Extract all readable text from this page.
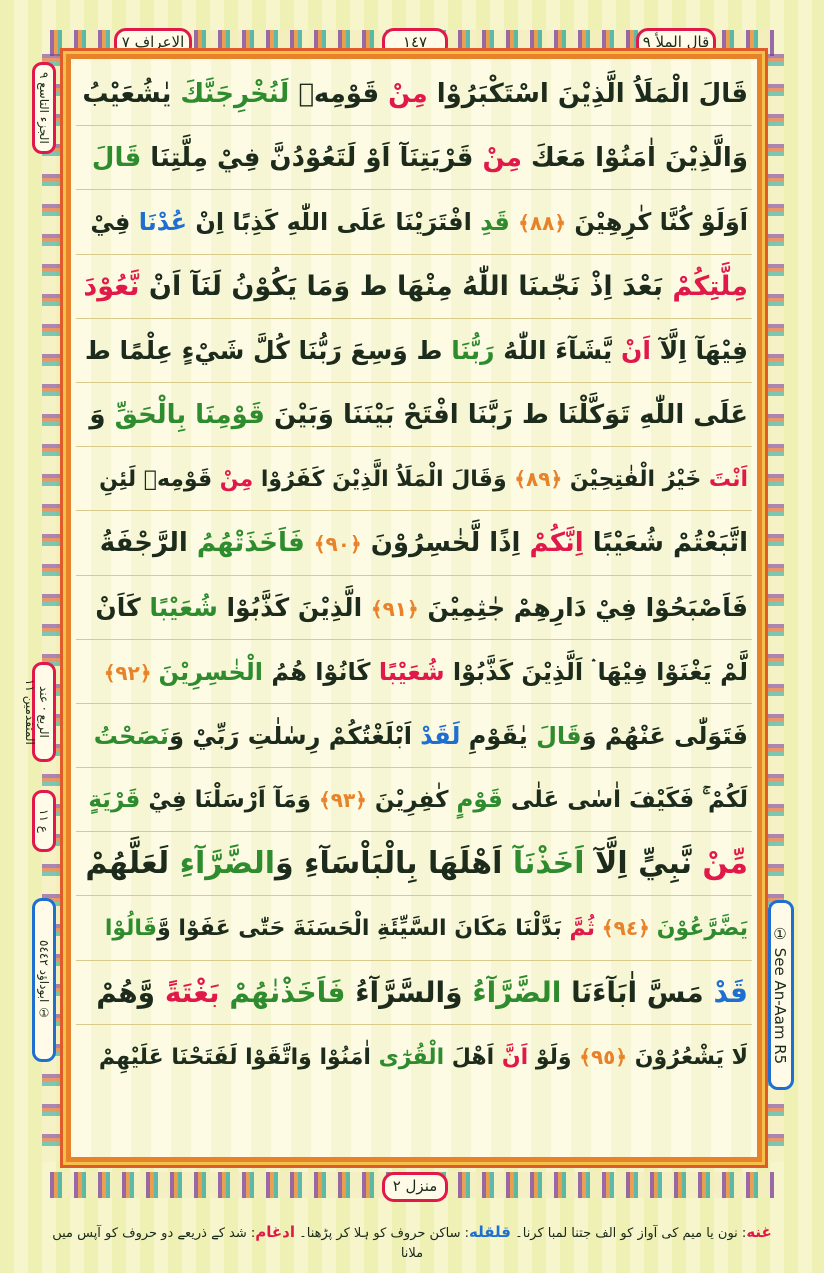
قال الملأ ٩
١٤٧
الاعراف ٧
الجزء التاسع ٩
الربع · عند المتقدمين ١١
ع ١١
① ابوداؤد ٥٤٤٢	① See An-Aam R5
قَالَ الْمَلَاُ الَّذِيْنَ اسْتَكْبَرُوْا مِنْ قَوْمِهٖ لَنُخْرِجَنَّكَ يٰشُعَيْبُ
وَالَّذِيْنَ اٰمَنُوْا مَعَكَ مِنْ قَرْيَتِنَآ اَوْ لَتَعُوْدُنَّ فِيْ مِلَّتِنَا قَالَ
اَوَلَوْ كُنَّا كٰرِهِيْنَ ﴿٨٨﴾ قَدِ افْتَرَيْنَا عَلَى اللّٰهِ كَذِبًا اِنْ عُدْنَا فِيْ
مِلَّتِكُمْ بَعْدَ اِذْ نَجّٰىنَا اللّٰهُ مِنْهَا ط وَمَا يَكُوْنُ لَنَآ اَنْ نَّعُوْدَ
فِيْهَآ اِلَّآ اَنْ يَّشَآءَ اللّٰهُ رَبُّنَا ط وَسِعَ رَبُّنَا كُلَّ شَيْءٍ عِلْمًا ط
عَلَى اللّٰهِ تَوَكَّلْنَا ط رَبَّنَا افْتَحْ بَيْنَنَا وَبَيْنَ قَوْمِنَا بِالْحَقِّ وَ
اَنْتَ خَيْرُ الْفٰتِحِيْنَ ﴿٨٩﴾ وَقَالَ الْمَلَاُ الَّذِيْنَ كَفَرُوْا مِنْ قَوْمِهٖ لَئِنِ
اتَّبَعْتُمْ شُعَيْبًا اِنَّكُمْ اِذًا لَّخٰسِرُوْنَ ﴿٩٠﴾ فَاَخَذَتْهُمُ الرَّجْفَةُ
فَاَصْبَحُوْا فِيْ دَارِهِمْ جٰثِمِيْنَ ﴿٩١﴾ الَّذِيْنَ كَذَّبُوْا شُعَيْبًا كَاَنْ
لَّمْ يَغْنَوْا فِيْهَا ۛ اَلَّذِيْنَ كَذَّبُوْا شُعَيْبًا كَانُوْا هُمُ الْخٰسِرِيْنَ ﴿٩٢﴾
فَتَوَلّٰى عَنْهُمْ وَقَالَ يٰقَوْمِ لَقَدْ اَبْلَغْتُكُمْ رِسٰلٰتِ رَبِّيْ وَنَصَحْتُ
لَكُمْ ۚ فَكَيْفَ اٰسٰى عَلٰى قَوْمٍ كٰفِرِيْنَ ﴿٩٣﴾ وَمَآ اَرْسَلْنَا فِيْ قَرْيَةٍ
مِّنْ نَّبِيٍّ اِلَّآ اَخَذْنَآ اَهْلَهَا بِالْبَاْسَآءِ وَالضَّرَّآءِ لَعَلَّهُمْ
يَضَّرَّعُوْنَ ﴿٩٤﴾ ثُمَّ بَدَّلْنَا مَكَانَ السَّيِّئَةِ الْحَسَنَةَ حَتّٰى عَفَوْا وَّقَالُوْا
قَدْ مَسَّ اٰبَآءَنَا الضَّرَّآءُ وَالسَّرَّآءُ فَاَخَذْنٰهُمْ بَغْتَةً وَّهُمْ
لَا يَشْعُرُوْنَ ﴿٩٥﴾ وَلَوْ اَنَّ اَهْلَ الْقُرٰٓى اٰمَنُوْا وَاتَّقَوْا لَفَتَحْنَا عَلَيْهِمْ
منزل ٢
غنه: نون یا میم کی آواز کو الف جتنا لمبا کرنا۔ قلقله: ساکن حروف کو ہلا کر پڑھنا۔ ادغام: شد کے ذریعے دو حروف کو آپس میں ملانا
